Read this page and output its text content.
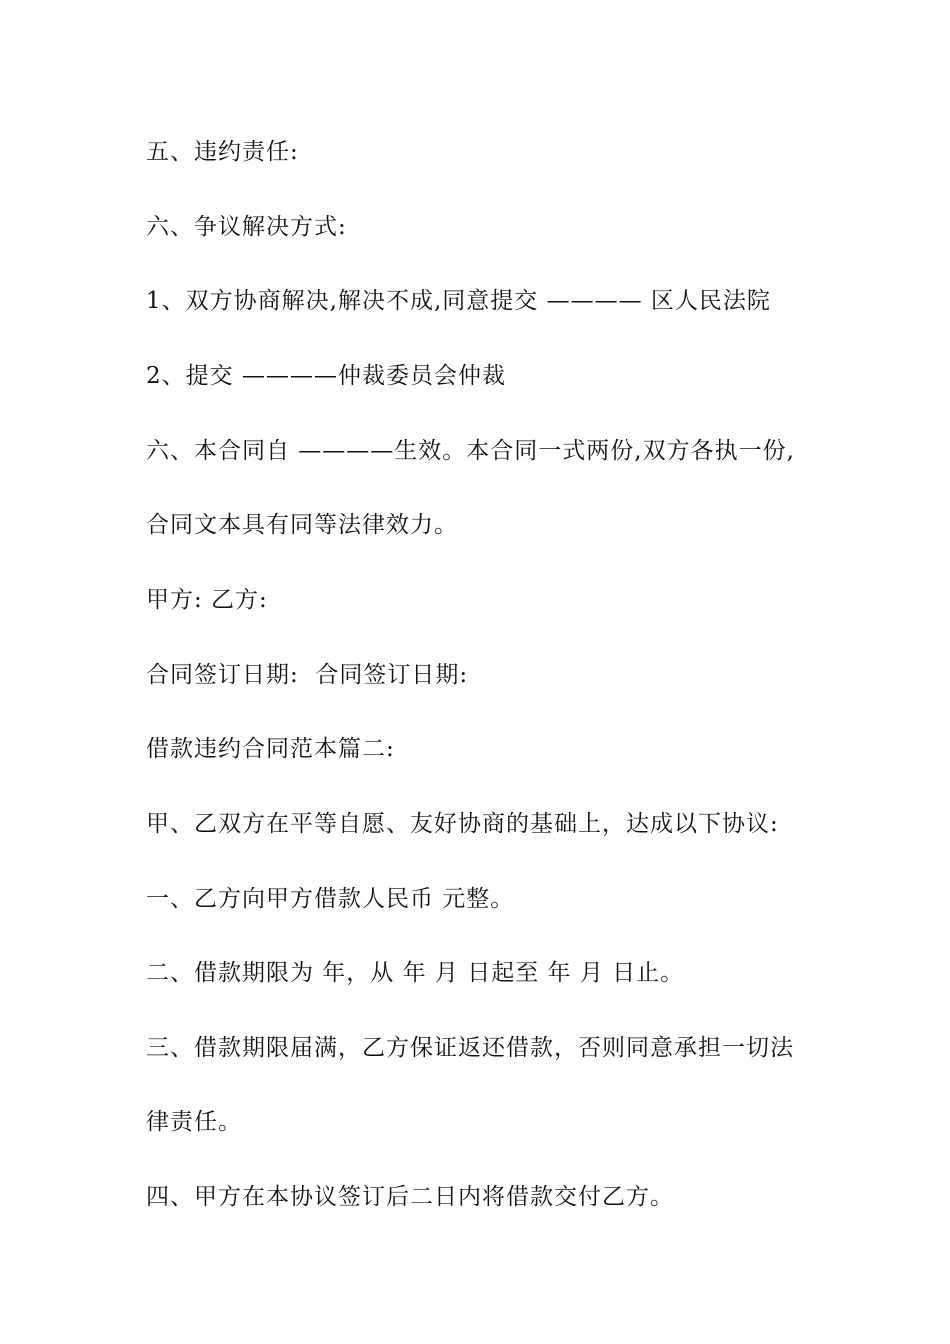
五、违约责任:

六、争议解决方式:

1、双方协商解决,解决不成,同意提交 ———— 区人民法院

2、提交 ————仲裁委员会仲裁

六、本合同自 ————生效。本合同一式两份,双方各执一份,

合同文本具有同等法律效力。

甲方: 乙方:

合同签订日期:  合同签订日期:

借款违约合同范本篇二:

甲、乙双方在平等自愿、友好协商的基础上，达成以下协议:

一、乙方向甲方借款人民币 元整。

二、借款期限为 年，从 年 月 日起至 年 月 日止。

三、借款期限届满，乙方保证返还借款，否则同意承担一切法

律责任。

四、甲方在本协议签订后二日内将借款交付乙方。
